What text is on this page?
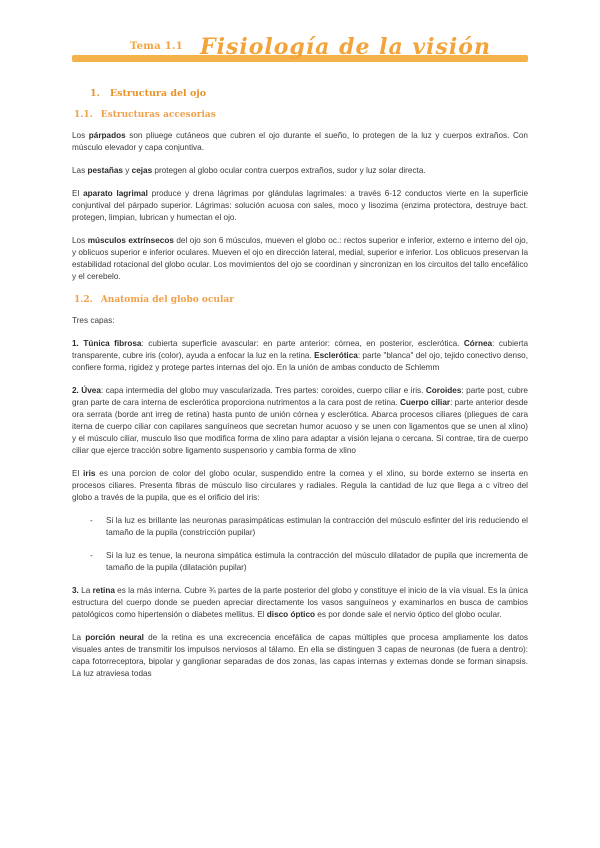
Tema 1.1 Fisiología de la visión
1. Estructura del ojo
1.1. Estructuras accesorias

Los párpados son pliuege cutáneos que cubren el ojo durante el sueño, lo protegen de la luz y cuerpos extraños. Con músculo elevador y capa conjuntiva.

Las pestañas y cejas protegen al globo ocular contra cuerpos extraños, sudor y luz solar directa.

El aparato lagrimal produce y drena lágrimas por glándulas lagrimales: a través 6-12 conductos vierte en la superficie conjuntival del párpado superior. Lágrimas: solución acuosa con sales, moco y lisozima (enzima protectora, destruye bact. protegen, limpian, lubrican y humectan el ojo.

Los músculos extrínsecos del ojo son 6 músculos, mueven el globo oc.: rectos superior e inferior, externo e interno del ojo, y oblicuos superior e inferior oculares. Mueven el ojo en dirección lateral, medial, superior e inferior. Los oblicuos preservan la estabilidad rotacional del globo ocular. Los movimientos del ojo se coordinan y sincronizan en los circuitos del tallo encefálico y el cerebelo.

1.2. Anatomía del globo ocular

Tres capas:

1. Túnica fibrosa: cubierta superficie avascular: en parte anterior: córnea, en posterior, esclerótica. Córnea: cubierta transparente, cubre iris (color), ayuda a enfocar la luz en la retina. Esclerótica: parte "blanca" del ojo, tejido conectivo denso, confiere forma, rigidez y protege partes internas del ojo. En la unión de ambas conducto de Schlemm

2. Úvea: capa intermedia del globo muy vascularizada. Tres partes: coroides, cuerpo ciliar e iris. Coroides: parte post, cubre gran parte de cara interna de esclerótica proporciona nutrimentos a la cara post de retina. Cuerpo ciliar: parte anterior desde ora serrata (borde ant irreg de retina) hasta punto de unión córnea y esclerótica. Abarca procesos ciliares (pliegues de cara iterna de cuerpo ciliar con capilares sanguíneos que secretan humor acuoso y se unen con ligamentos que se unen al xlino) y el músculo ciliar, musculo liso que modifica forma de xlino para adaptar a visión lejana o cercana. Si contrae, tira de cuerpo ciliar que ejerce tracción sobre ligamento suspensorio y cambia forma de xlino

El iris es una porcion de color del globo ocular, suspendido entre la cornea y el xlino, su borde externo se inserta en procesos ciliares. Presenta fibras de músculo liso circulares y radiales. Regula la cantidad de luz que llega a c vítreo del globo a través de la pupila, que es el orificio del iris:

- Si la luz es brillante las neuronas parasimpáticas estimulan la contracción del músculo esfinter del iris reduciendo el tamaño de la pupila (constricción pupilar)
- Si la luz es tenue, la neurona simpática estimula la contracción del músculo dilatador de pupila que incrementa de tamaño de la pupila (dilatación pupilar)

3. La retina es la más interna. Cubre ¾ partes de la parte posterior del globo y constituye el inicio de la vía visual. Es la única estructura del cuerpo donde se pueden apreciar directamente los vasos sanguíneos y examinarlos en busca de cambios patológicos como hipertensión o diabetes mellitus. El disco óptico es por donde sale el nervio óptico del globo ocular.

La porción neural de la retina es una excrecencia encefálica de capas múltiples que procesa ampliamente los datos visuales antes de transmitir los impulsos nerviosos al tálamo. En ella se distinguen 3 capas de neuronas (de fuera a dentro): capa fotorreceptora, bipolar y ganglionar separadas de dos zonas, las capas internas y externas donde se forman sinapsis. La luz atraviesa todas
